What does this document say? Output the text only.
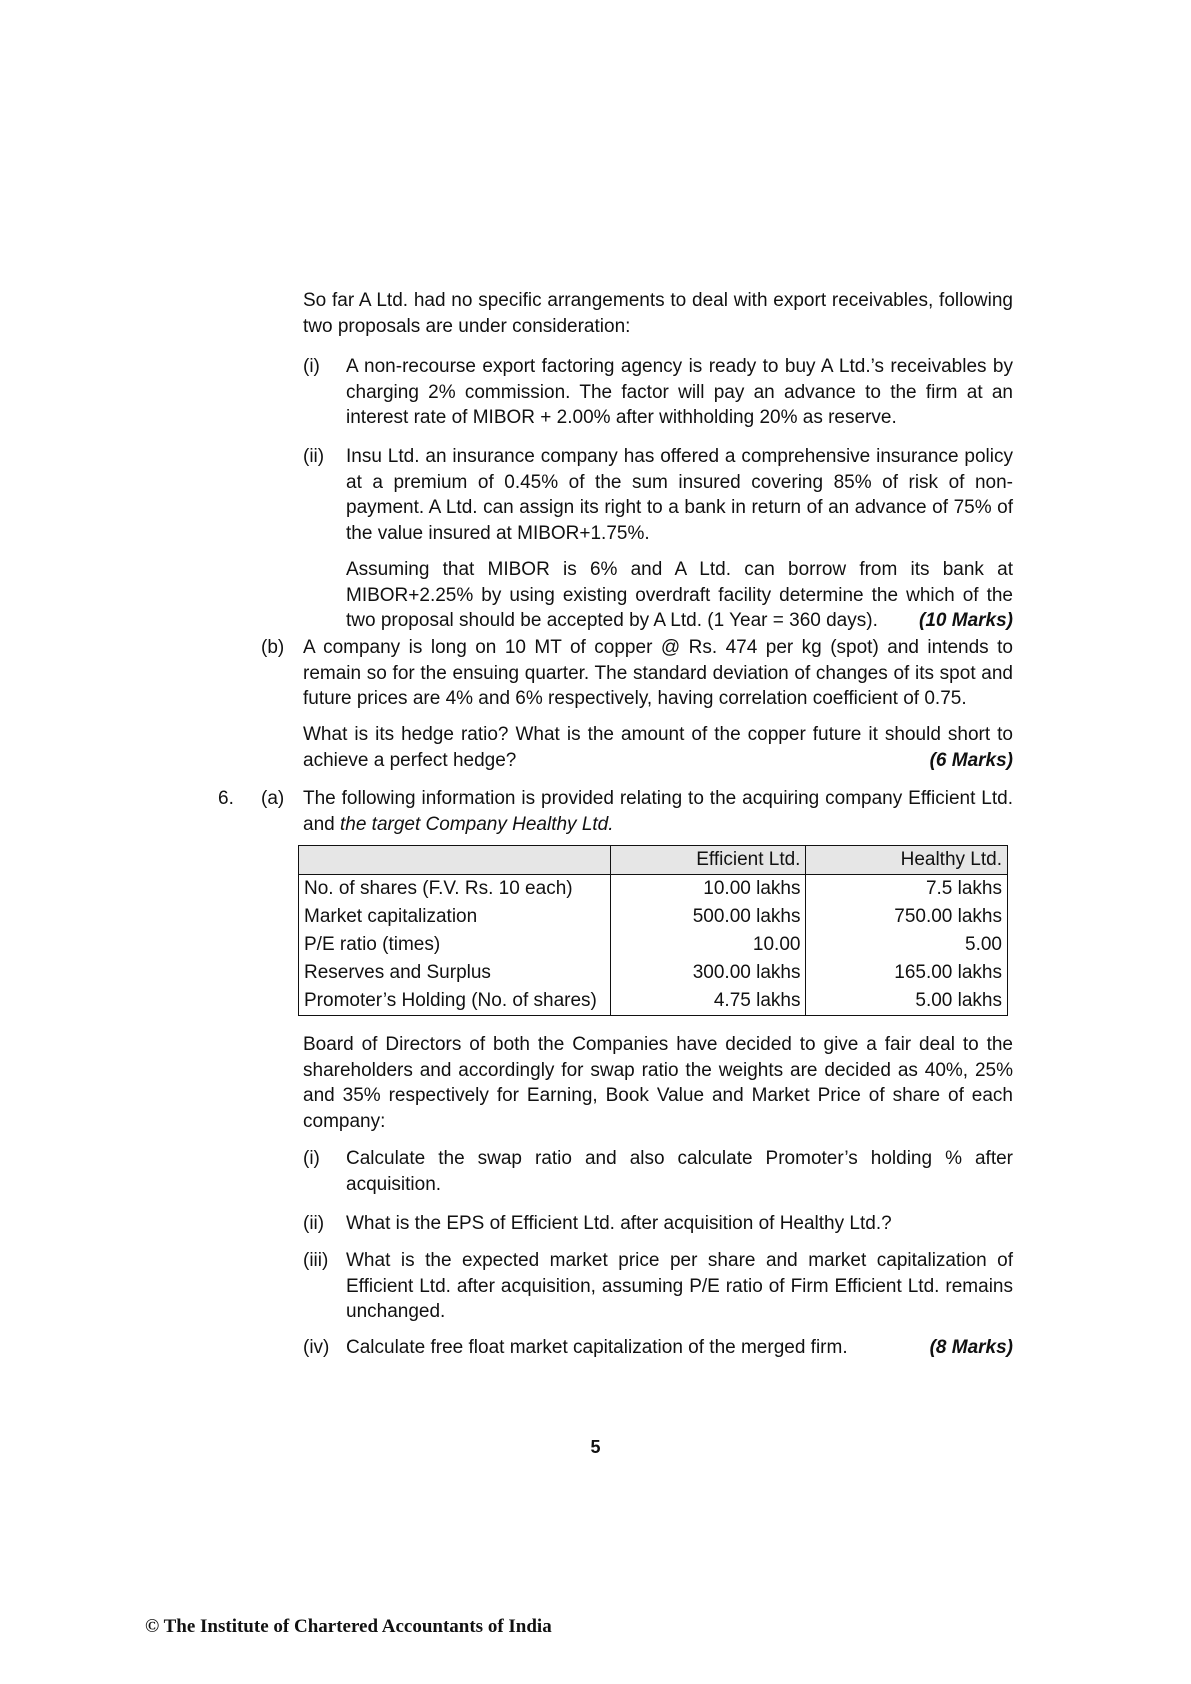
So far A Ltd. had no specific arrangements to deal with export receivables, following two proposals are under consideration:
(i) A non-recourse export factoring agency is ready to buy A Ltd.’s receivables by charging 2% commission. The factor will pay an advance to the firm at an interest rate of MIBOR + 2.00% after withholding 20% as reserve.
(ii) Insu Ltd. an insurance company has offered a comprehensive insurance policy at a premium of 0.45% of the sum insured covering 85% of risk of non-payment. A Ltd. can assign its right to a bank in return of an advance of 75% of the value insured at MIBOR+1.75%.
Assuming that MIBOR is 6% and A Ltd. can borrow from its bank at MIBOR+2.25% by using existing overdraft facility determine the which of the two proposal should be accepted by A Ltd. (1 Year = 360 days). (10 Marks)
(b) A company is long on 10 MT of copper @ Rs. 474 per kg (spot) and intends to remain so for the ensuing quarter. The standard deviation of changes of its spot and future prices are 4% and 6% respectively, having correlation coefficient of 0.75.
What is its hedge ratio? What is the amount of the copper future it should short to achieve a perfect hedge?	(6 Marks)
6. (a) The following information is provided relating to the acquiring company Efficient Ltd. and the target Company Healthy Ltd.
	Efficient Ltd.	Healthy Ltd.
No. of shares (F.V. Rs. 10 each)	10.00 lakhs	7.5 lakhs
Market capitalization	500.00 lakhs	750.00 lakhs
P/E ratio (times)	10.00	5.00
Reserves and Surplus	300.00 lakhs	165.00 lakhs
Promoter’s Holding (No. of shares)	4.75 lakhs	5.00 lakhs
Board of Directors of both the Companies have decided to give a fair deal to the shareholders and accordingly for swap ratio the weights are decided as 40%, 25% and 35% respectively for Earning, Book Value and Market Price of share of each company:
(i) Calculate the swap ratio and also calculate Promoter’s holding % after acquisition.
(ii) What is the EPS of Efficient Ltd. after acquisition of Healthy Ltd.?
(iii) What is the expected market price per share and market capitalization of Efficient Ltd. after acquisition, assuming P/E ratio of Firm Efficient Ltd. remains unchanged.
(iv) Calculate free float market capitalization of the merged firm.	(8 Marks)
5
© The Institute of Chartered Accountants of India
